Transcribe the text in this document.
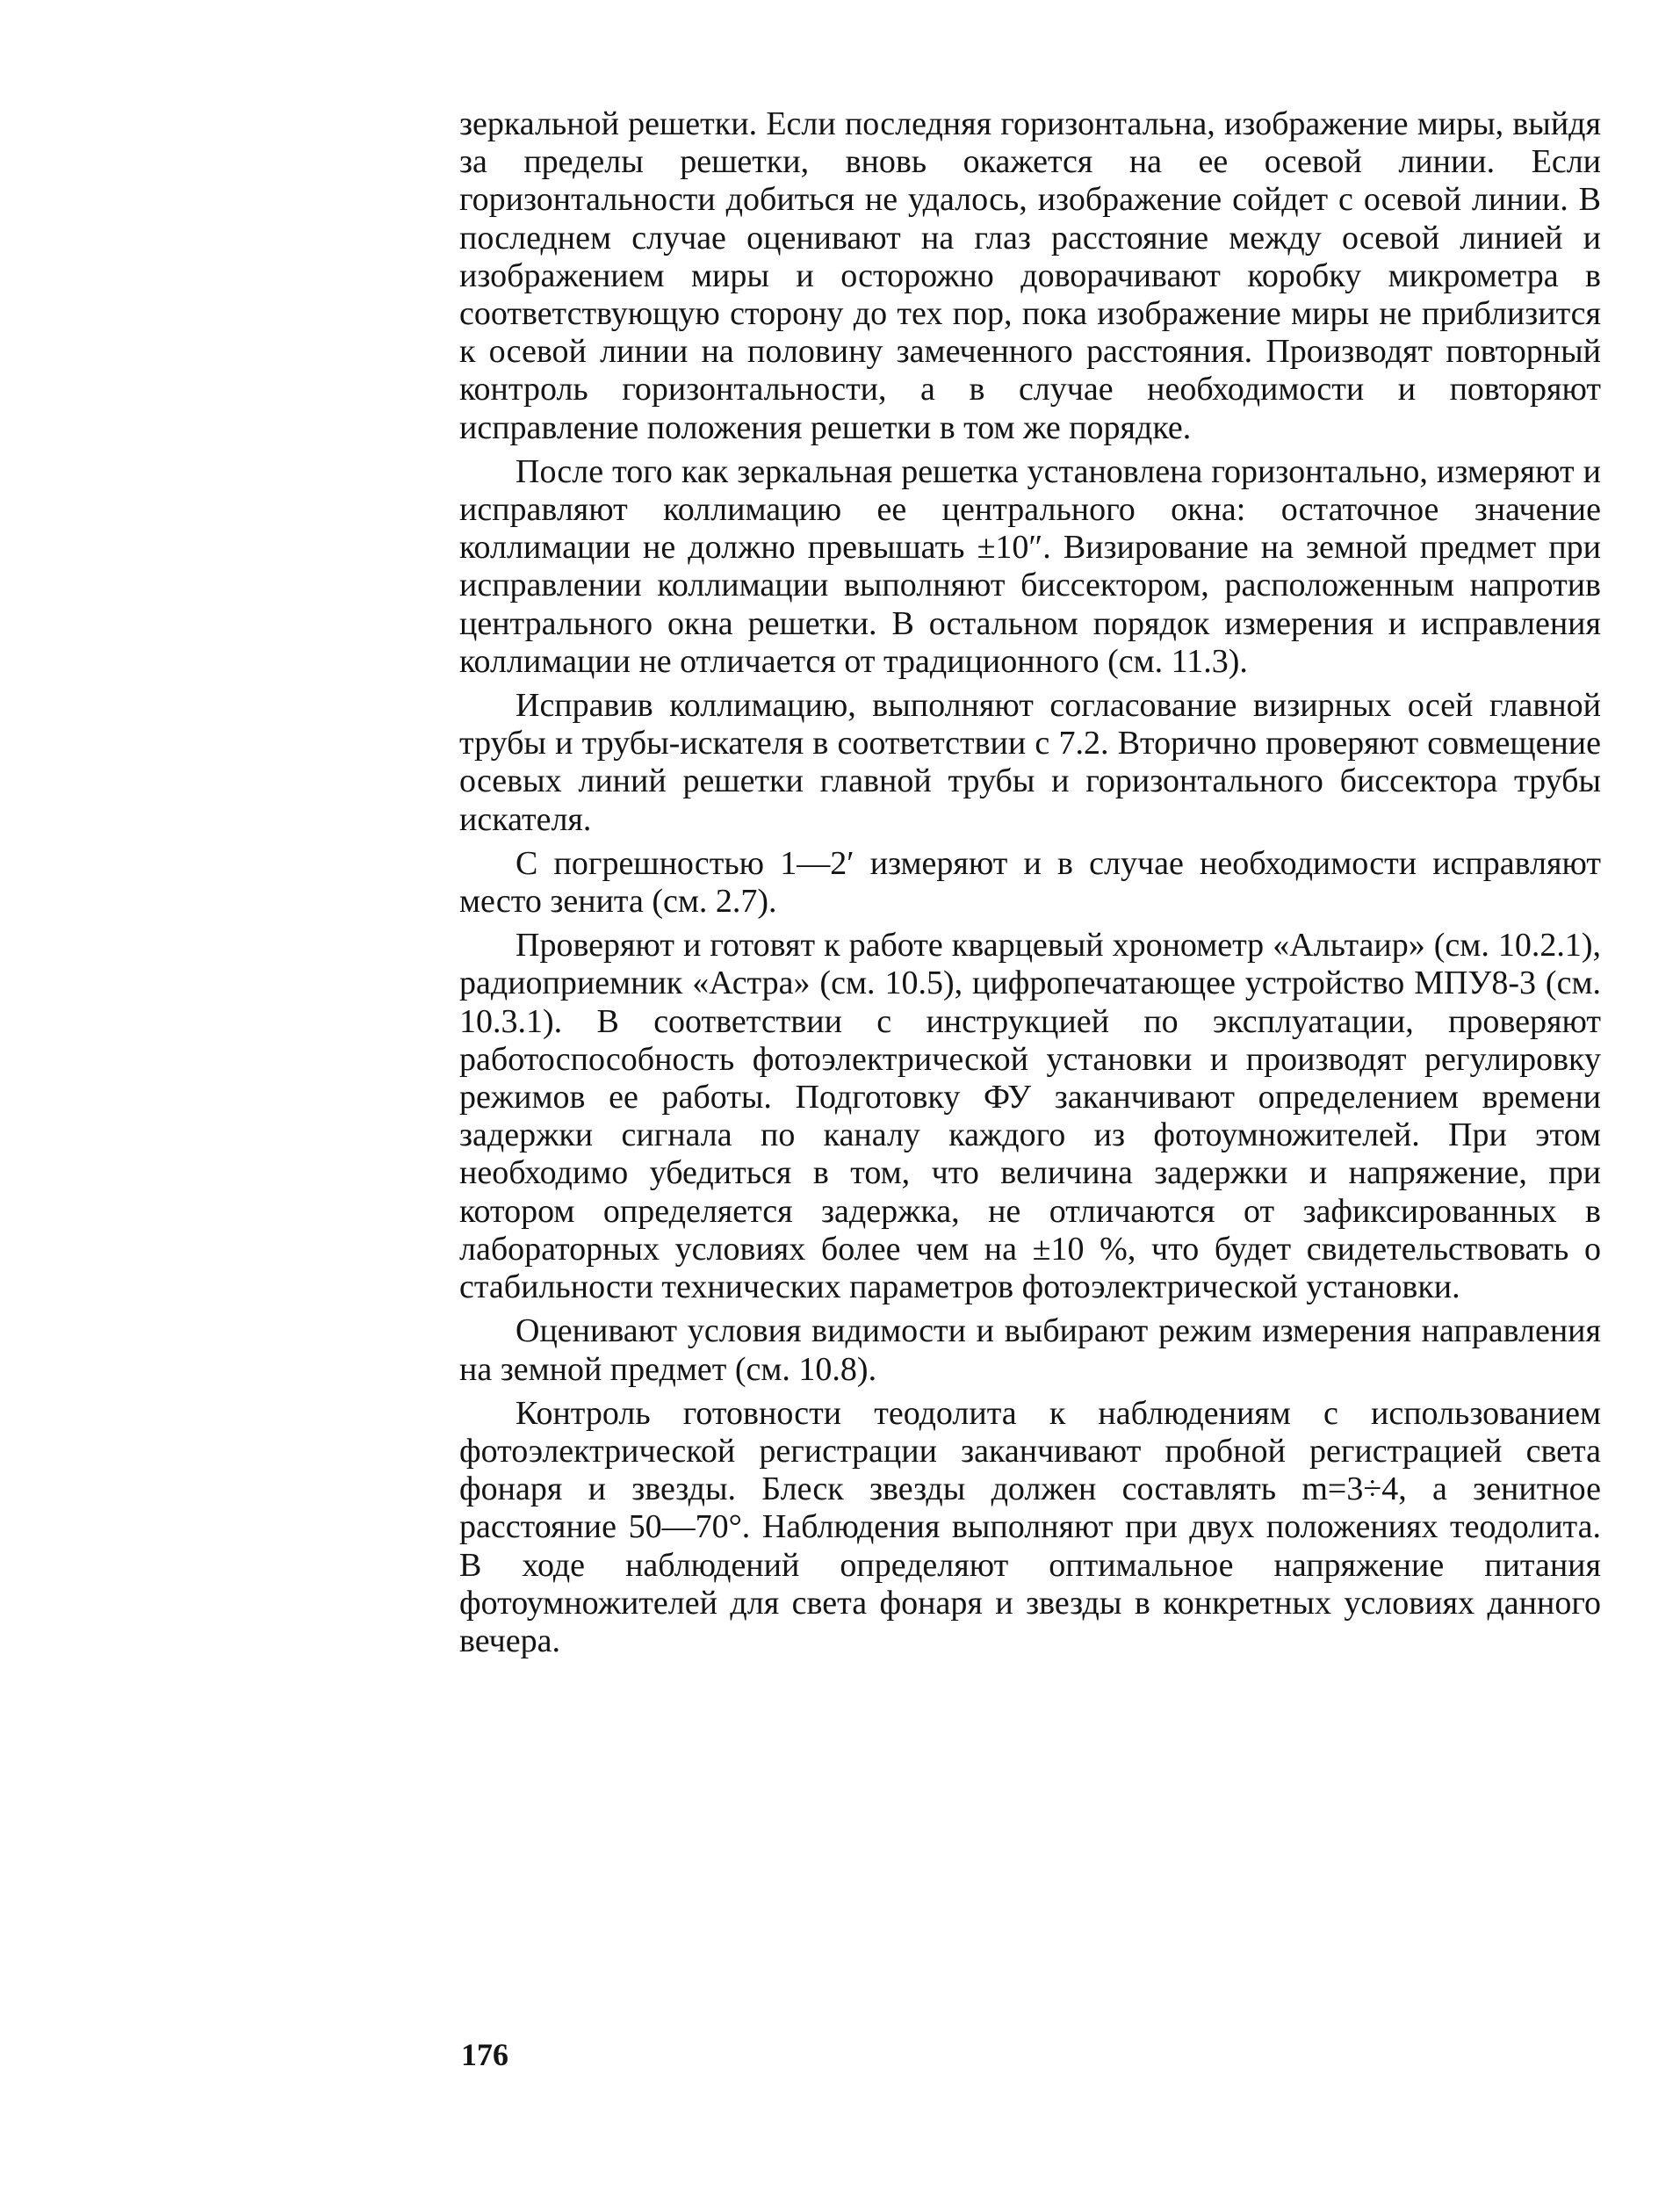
зеркальной решетки. Если последняя горизонтальна, изображение миры, выйдя за пределы решетки, вновь окажется на ее осевой линии. Если горизонтальности добиться не удалось, изображение сойдет с осевой линии. В последнем случае оценивают на глаз расстояние между осевой линией и изображением миры и осторожно доворачивают коробку микрометра в соответствующую сторону до тех пор, пока изображение миры не приблизится к осевой линии на половину замеченного расстояния. Производят повторный контроль горизонтальности, а в случае необходимости и повторяют исправление положения решетки в том же порядке.

После того как зеркальная решетка установлена горизонтально, измеряют и исправляют коллимацию ее центрального окна: остаточное значение коллимации не должно превышать ±10″. Визирование на земной предмет при исправлении коллимации выполняют биссектором, расположенным напротив центрального окна решетки. В остальном порядок измерения и исправления коллимации не отличается от традиционного (см. 11.3).

Исправив коллимацию, выполняют согласование визирных осей главной трубы и трубы-искателя в соответствии с 7.2. Вторично проверяют совмещение осевых линий решетки главной трубы и горизонтального биссектора трубы искателя.

С погрешностью 1—2′ измеряют и в случае необходимости исправляют место зенита (см. 2.7).

Проверяют и готовят к работе кварцевый хронометр «Альтаир» (см. 10.2.1), радиоприемник «Астра» (см. 10.5), цифропечатающее устройство МПУ8-3 (см. 10.3.1). В соответствии с инструкцией по эксплуатации, проверяют работоспособность фотоэлектрической установки и производят регулировку режимов ее работы. Подготовку ФУ заканчивают определением времени задержки сигнала по каналу каждого из фотоумножителей. При этом необходимо убедиться в том, что величина задержки и напряжение, при котором определяется задержка, не отличаются от зафиксированных в лабораторных условиях более чем на ±10 %, что будет свидетельствовать о стабильности технических параметров фотоэлектрической установки.

Оценивают условия видимости и выбирают режим измерения направления на земной предмет (см. 10.8).

Контроль готовности теодолита к наблюдениям с использованием фотоэлектрической регистрации заканчивают пробной регистрацией света фонаря и звезды. Блеск звезды должен составлять m=3÷4, а зенитное расстояние 50—70°. Наблюдения выполняют при двух положениях теодолита. В ходе наблюдений определяют оптимальное напряжение питания фотоумножителей для света фонаря и звезды в конкретных условиях данного вечера.

176
